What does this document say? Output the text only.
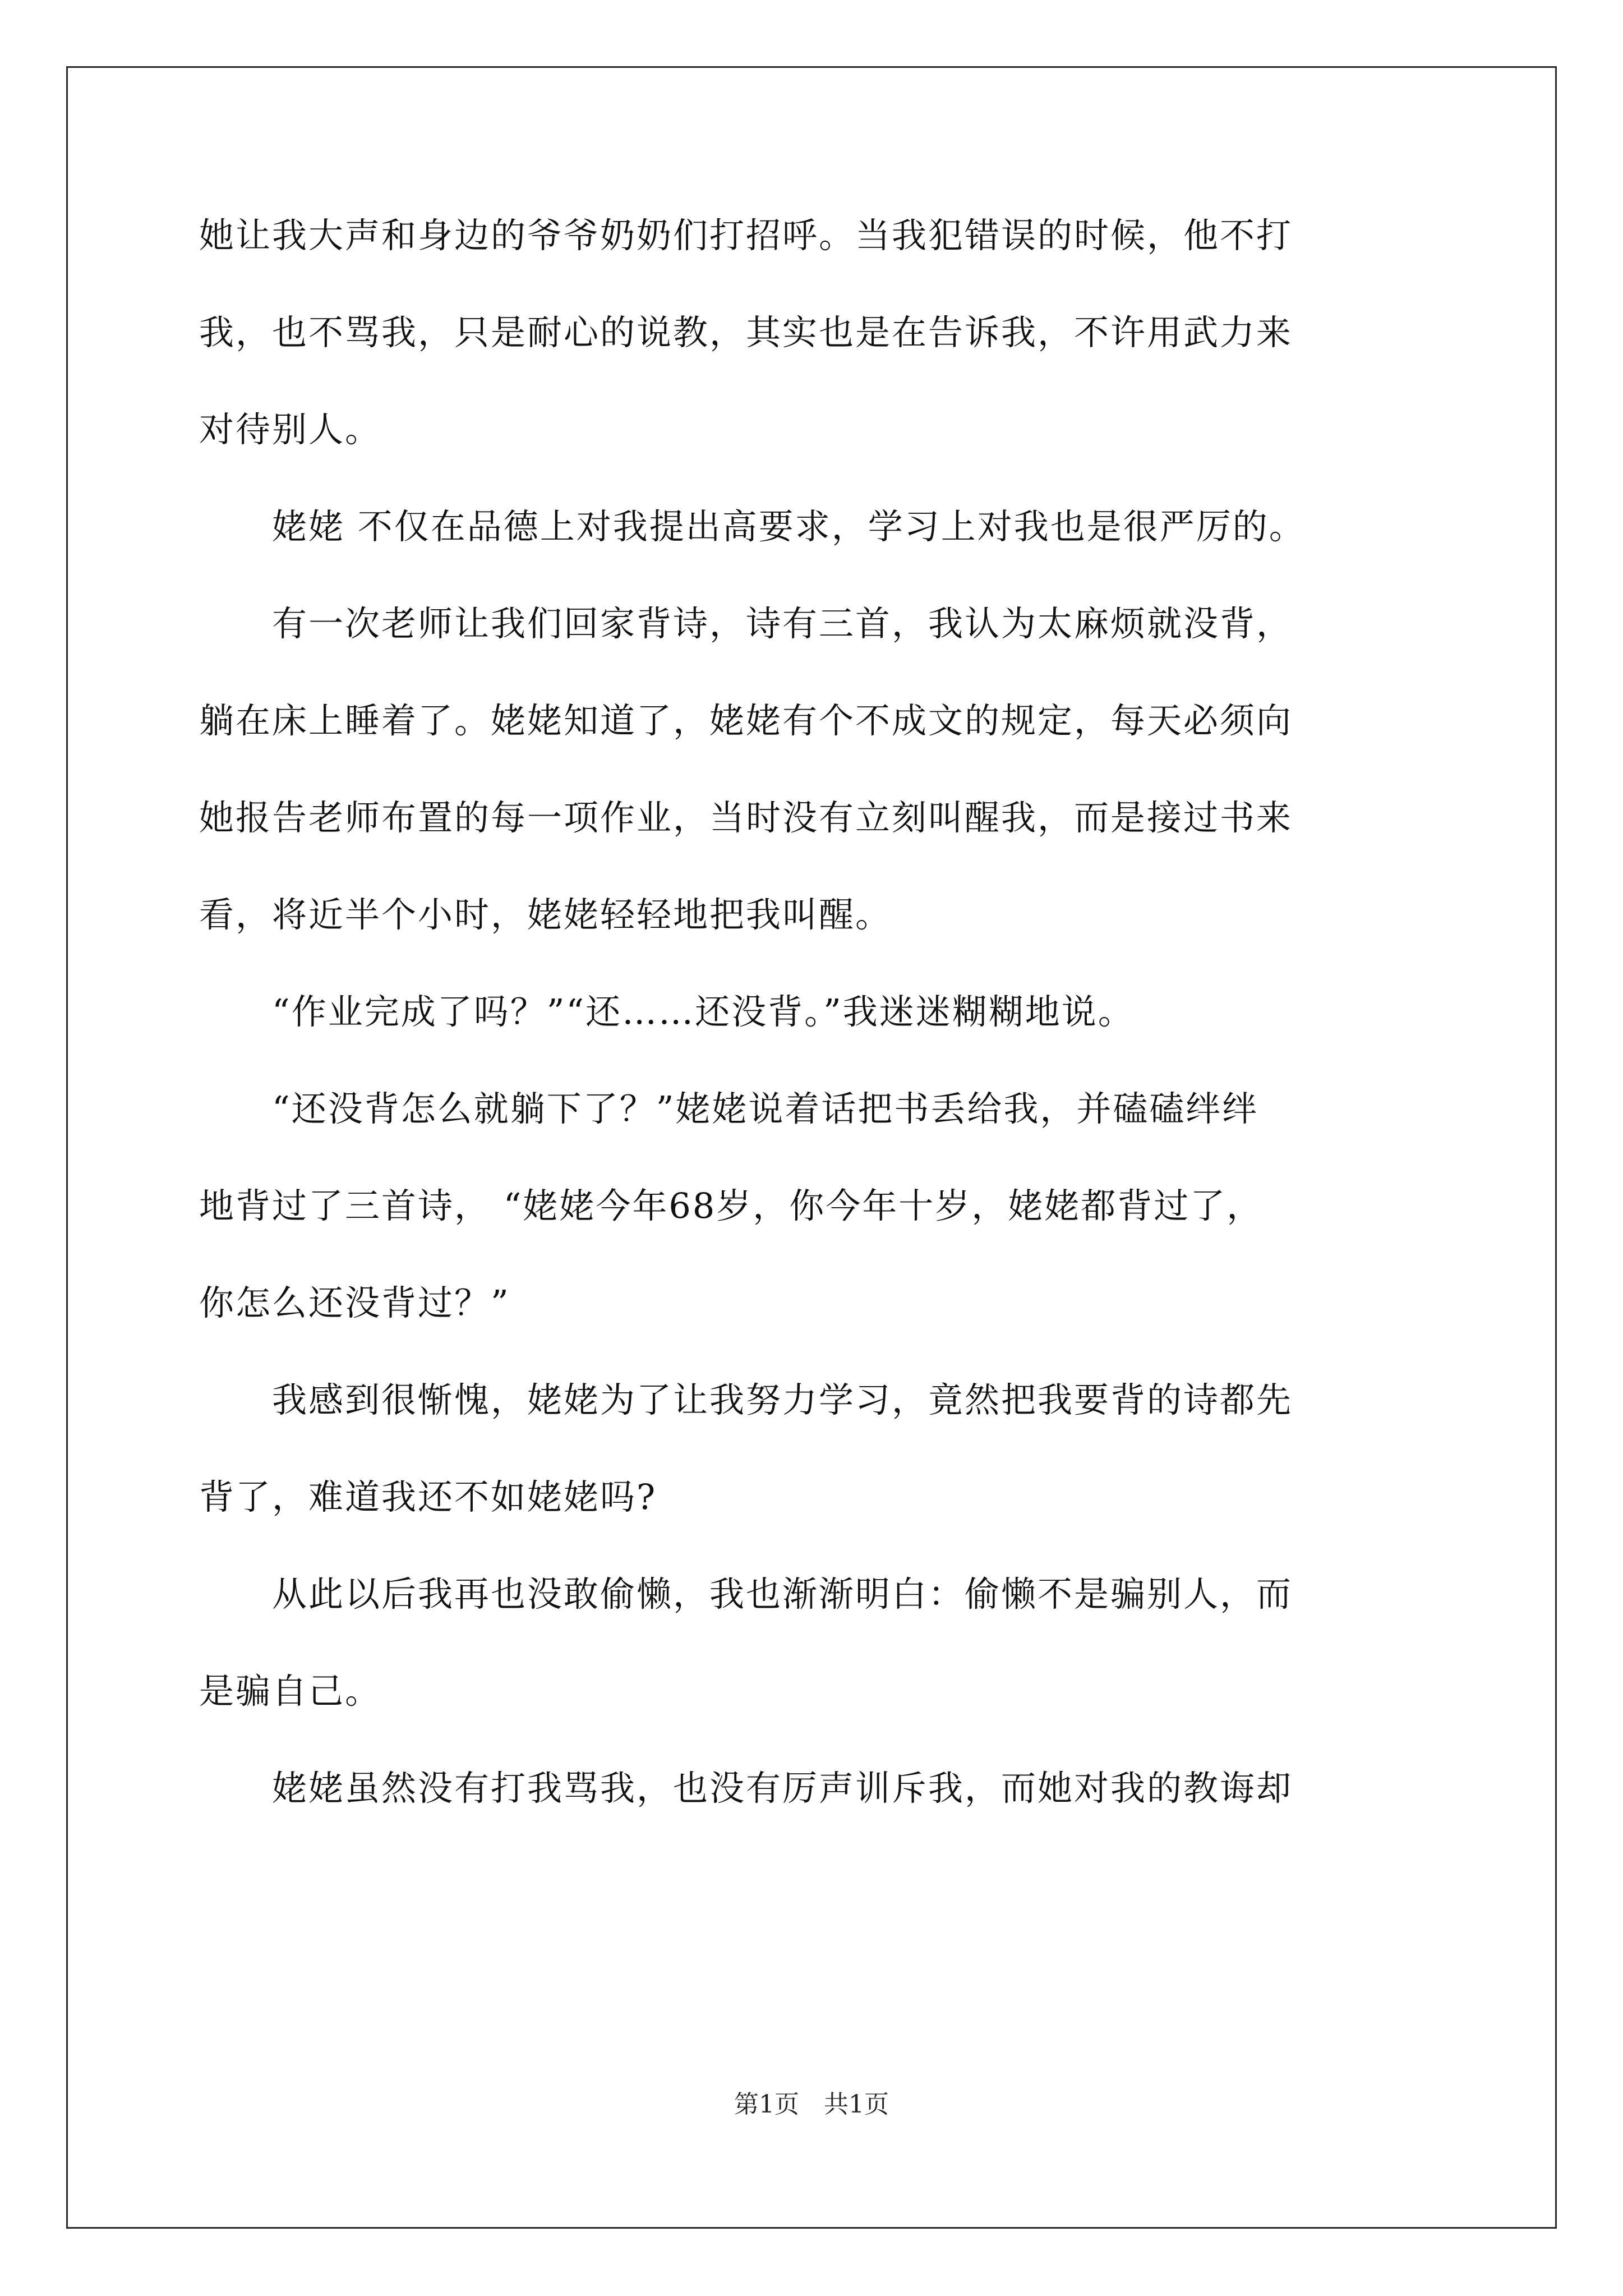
她让我大声和身边的爷爷奶奶们打招呼。当我犯错误的时候，他不打
我，也不骂我，只是耐心的说教，其实也是在告诉我，不许用武力来
对待别人。
　　姥姥 不仅在品德上对我提出高要求，学习上对我也是很严厉的。
　　有一次老师让我们回家背诗，诗有三首，我认为太麻烦就没背，
躺在床上睡着了。姥姥知道了，姥姥有个不成文的规定，每天必须向
她报告老师布置的每一项作业，当时没有立刻叫醒我，而是接过书来
看，将近半个小时，姥姥轻轻地把我叫醒。
　　“作业完成了吗？”“还……还没背。”我迷迷糊糊地说。
　　“还没背怎么就躺下了？”姥姥说着话把书丢给我，并磕磕绊绊
地背过了三首诗， “姥姥今年68岁，你今年十岁，姥姥都背过了，
你怎么还没背过？”
　　我感到很惭愧，姥姥为了让我努力学习，竟然把我要背的诗都先
背了，难道我还不如姥姥吗?
　　从此以后我再也没敢偷懒，我也渐渐明白：偷懒不是骗别人，而
是骗自己。
　　姥姥虽然没有打我骂我，也没有厉声训斥我，而她对我的教诲却
第1页　共1页
